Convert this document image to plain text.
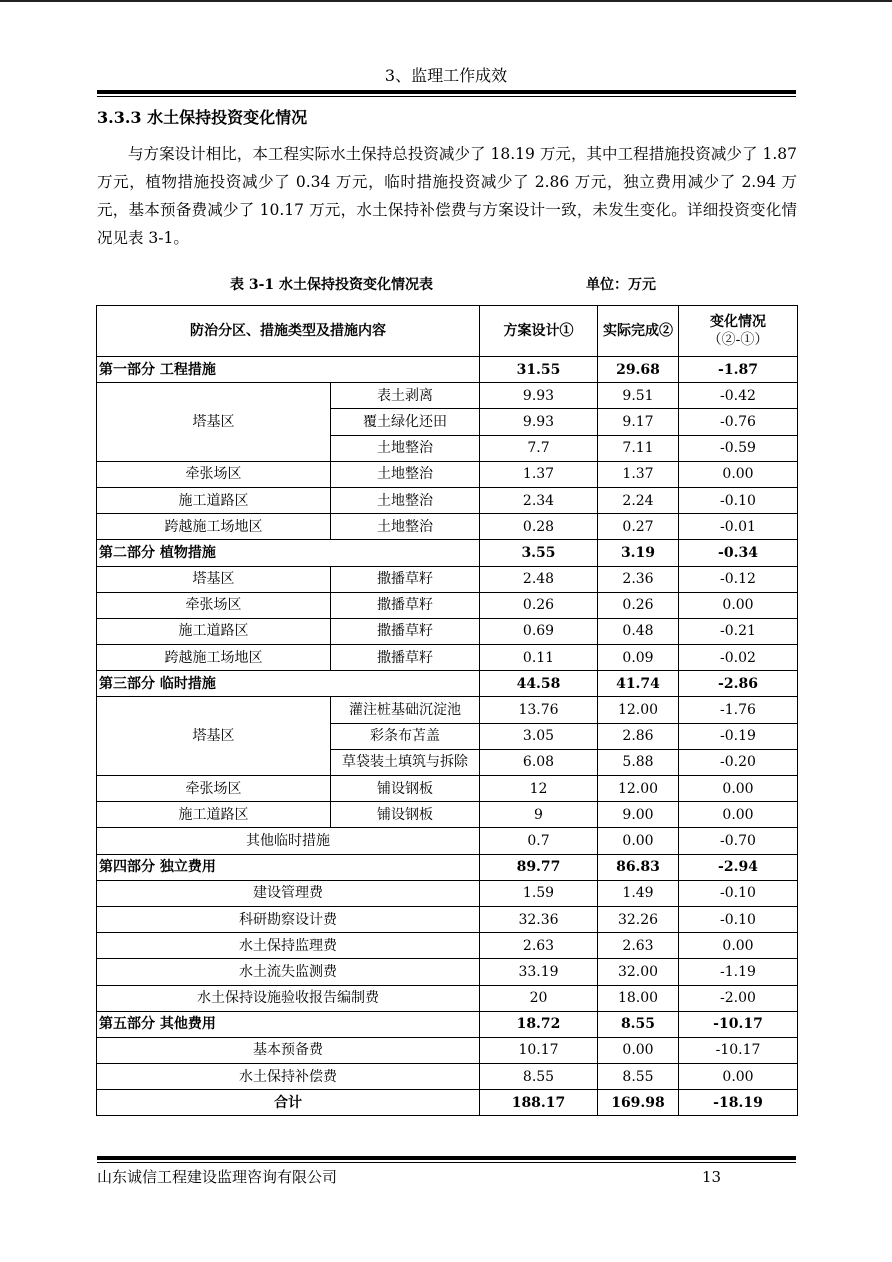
3、监理工作成效
3.3.3 水土保持投资变化情况
与方案设计相比，本工程实际水土保持总投资减少了 18.19 万元，其中工程措施投资减少了 1.87 万元，植物措施投资减少了 0.34 万元，临时措施投资减少了 2.86 万元，独立费用减少了 2.94 万元，基本预备费减少了 10.17 万元，水土保持补偿费与方案设计一致，未发生变化。详细投资变化情况见表 3-1。
表 3-1 水土保持投资变化情况表	单位：万元
防治分区、措施类型及措施内容		方案设计①	实际完成②	变化情况
（②-①）

第一部分 工程措施		31.55	29.68	-1.87
塔基区	表土剥离	9.93	9.51	-0.42
	覆土绿化还田	9.93	9.17	-0.76
	土地整治	7.7	7.11	-0.59
牵张场区	土地整治	1.37	1.37	0.00
施工道路区	土地整治	2.34	2.24	-0.10
跨越施工场地区	土地整治	0.28	0.27	-0.01
第二部分 植物措施		3.55	3.19	-0.34
塔基区	撒播草籽	2.48	2.36	-0.12
牵张场区	撒播草籽	0.26	0.26	0.00
施工道路区	撒播草籽	0.69	0.48	-0.21
跨越施工场地区	撒播草籽	0.11	0.09	-0.02
第三部分 临时措施		44.58	41.74	-2.86
塔基区	灌注桩基础沉淀池	13.76	12.00	-1.76
	彩条布苫盖	3.05	2.86	-0.19
	草袋装土填筑与拆除	6.08	5.88	-0.20
牵张场区	铺设钢板	12	12.00	0.00
施工道路区	铺设钢板	9	9.00	0.00
其他临时措施		0.7	0.00	-0.70
第四部分 独立费用		89.77	86.83	-2.94
建设管理费		1.59	1.49	-0.10
科研勘察设计费		32.36	32.26	-0.10
水土保持监理费		2.63	2.63	0.00
水土流失监测费		33.19	32.00	-1.19
水土保持设施验收报告编制费		20	18.00	-2.00
第五部分 其他费用		18.72	8.55	-10.17
基本预备费		10.17	0.00	-10.17
水土保持补偿费		8.55	8.55	0.00
合计		188.17	169.98	-18.19
山东诚信工程建设监理咨询有限公司	13
